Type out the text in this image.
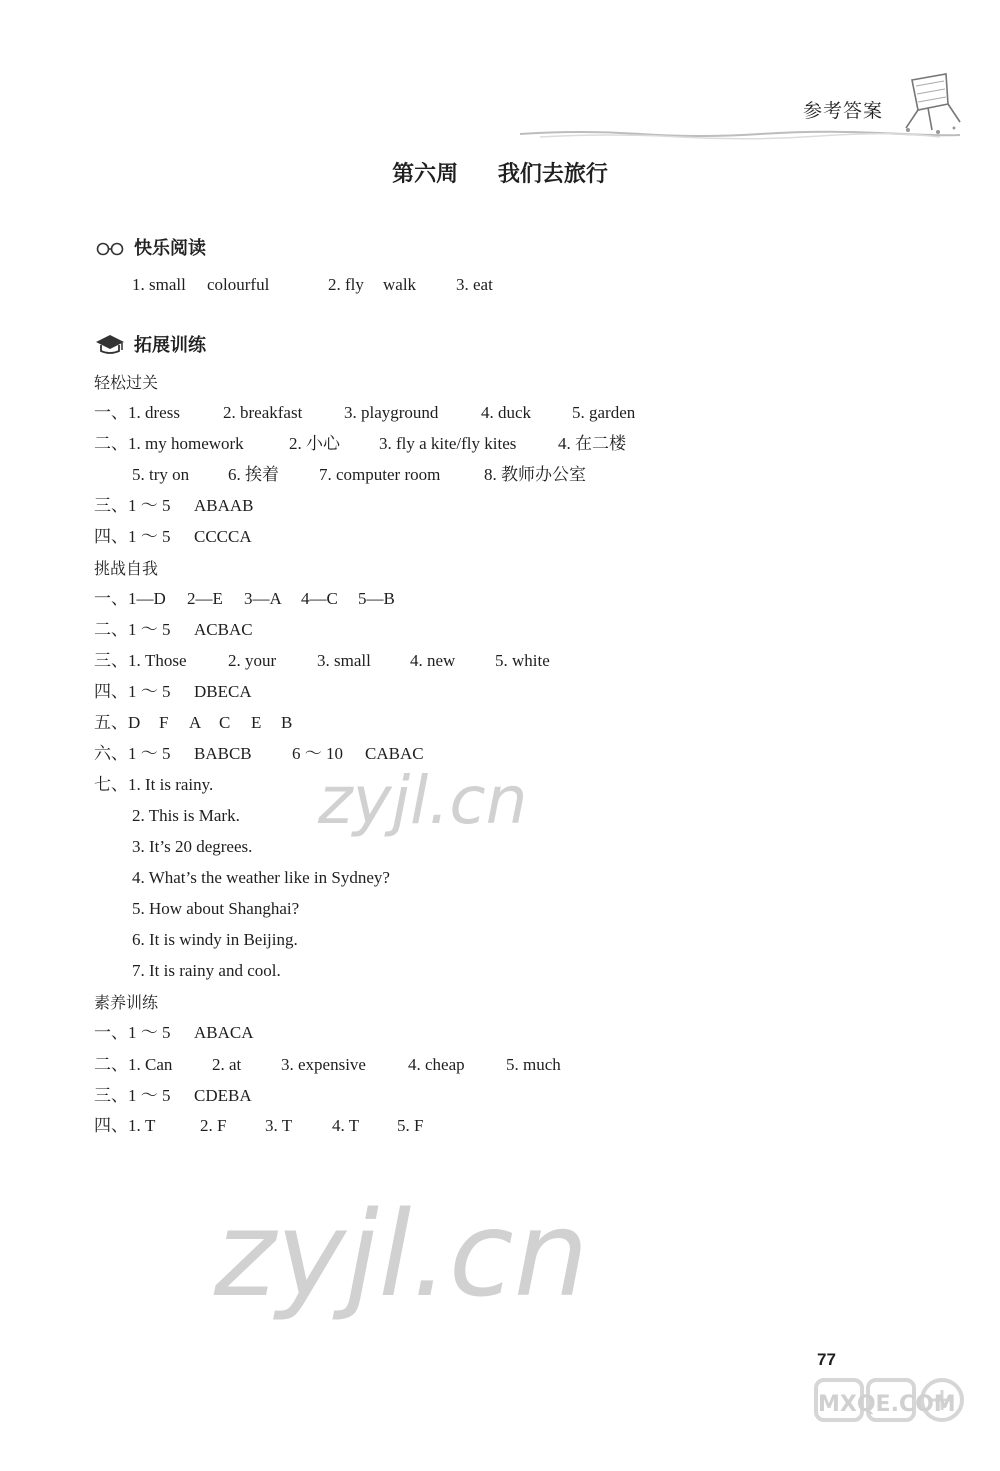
参考答案
第六周 我们去旅行
快乐阅读
1. small colourful	2. fly walk 3. eat
拓展训练
轻松过关
一、1. dress	2. breakfast 3. playground	4. duck 5. garden
二、1. my homework	2. 小心 3. fly a kite/fly kites 4. 在二楼
5. try on 6. 挨着 7. computer room	8. 教师办公室
三、1 ～ 5 ABAAB
四、1 ～ 5 CCCCA
挑战自我
一、1—D 2—E 3—A 4—C 5—B
二、1 ～ 5 ACBAC
三、1. Those 2. your 3. small 4. new 5. white
四、1 ～ 5 DBECA
五、D F A C E B
六、1 ～ 5 BABCB 6 ～ 10 CABAC
七、1. It is rainy.
2. This is Mark.
3. It’s 20 degrees.
4. What’s the weather like in Sydney?
5. How about Shanghai?
6. It is windy in Beijing.
7. It is rainy and cool.
素养训练
一、1 ～ 5 ABACA
二、1. Can 2. at 3. expensive 4. cheap 5. much
三、1 ～ 5 CDEBA
四、1. T	2. F 3. T 4. T 5. F
zyjl.cn
zyjl.cn
77
MXQE.COM
